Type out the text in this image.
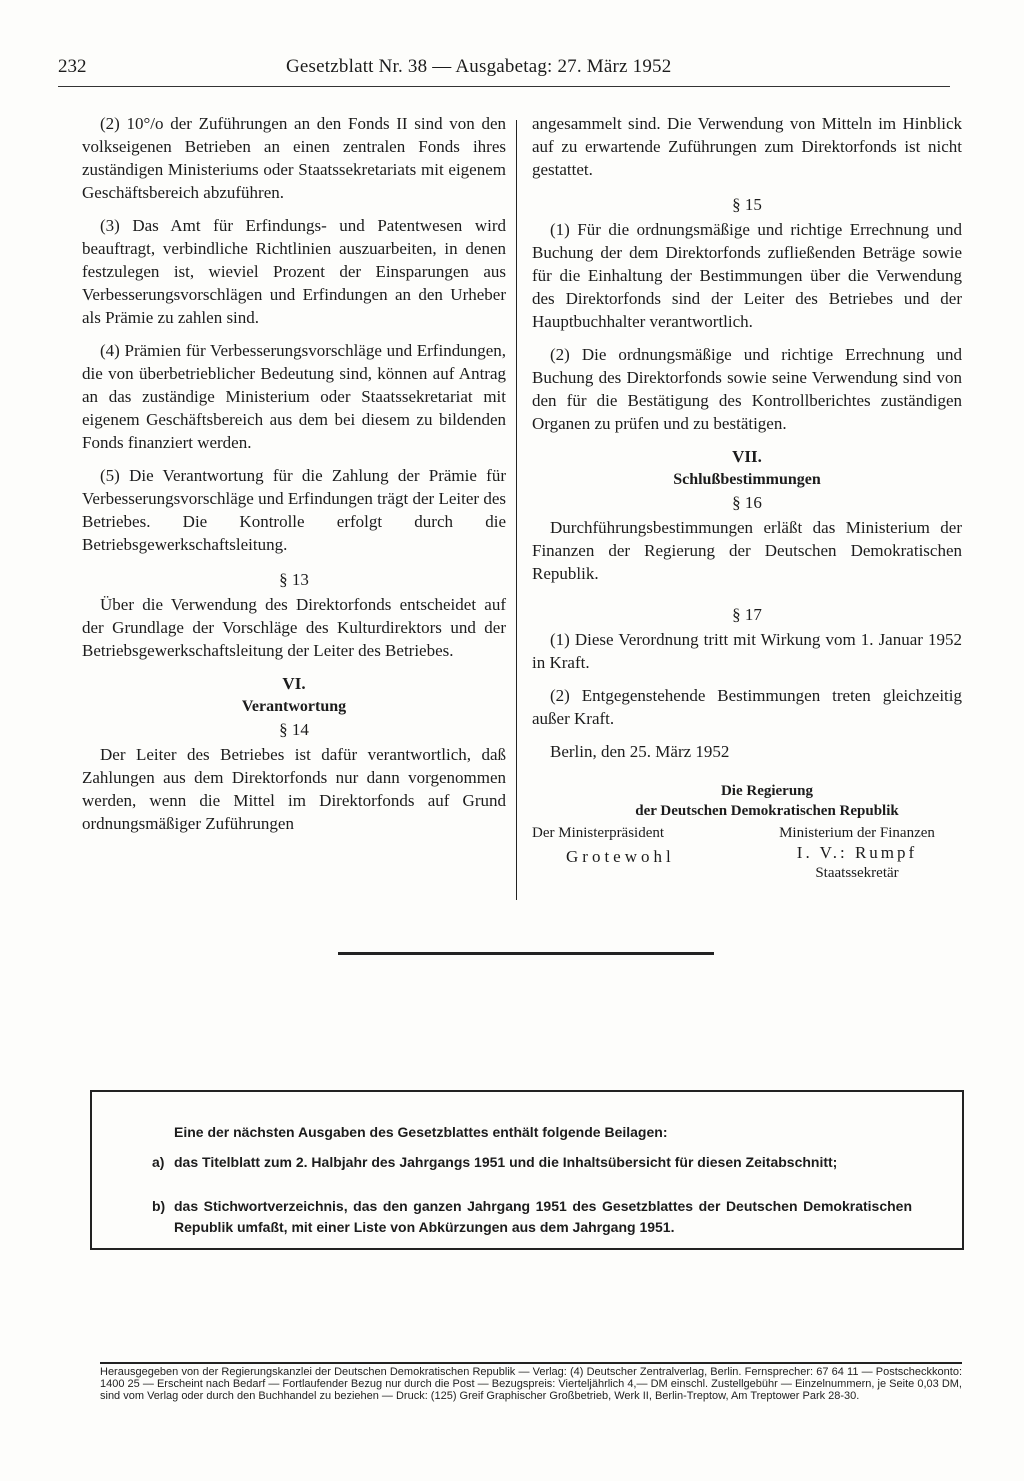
232	Gesetzblatt Nr. 38 — Ausgabetag: 27. März 1952

(2) 10°/o der Zuführungen an den Fonds II sind von den volkseigenen Betrieben an einen zentralen Fonds ihres zuständigen Ministeriums oder Staatssekretariats mit eigenem Geschäftsbereich abzuführen.

(3) Das Amt für Erfindungs- und Patentwesen wird beauftragt, verbindliche Richtlinien auszuarbeiten, in denen festzulegen ist, wieviel Prozent der Einsparungen aus Verbesserungsvorschlägen und Erfindungen an den Urheber als Prämie zu zahlen sind.

(4) Prämien für Verbesserungsvorschläge und Erfindungen, die von überbetrieblicher Bedeutung sind, können auf Antrag an das zuständige Ministerium oder Staatssekretariat mit eigenem Geschäftsbereich aus dem bei diesem zu bildenden Fonds finanziert werden.

(5) Die Verantwortung für die Zahlung der Prämie für Verbesserungsvorschläge und Erfindungen trägt der Leiter des Betriebes. Die Kontrolle erfolgt durch die Betriebsgewerkschaftsleitung.

§ 13

Über die Verwendung des Direktorfonds entscheidet auf der Grundlage der Vorschläge des Kulturdirektors und der Betriebsgewerkschaftsleitung der Leiter des Betriebes.

VI.
Verantwortung
§ 14

Der Leiter des Betriebes ist dafür verantwortlich, daß Zahlungen aus dem Direktorfonds nur dann vorgenommen werden, wenn die Mittel im Direktorfonds auf Grund ordnungsmäßiger Zuführungen

angesammelt sind. Die Verwendung von Mitteln im Hinblick auf zu erwartende Zuführungen zum Direktorfonds ist nicht gestattet.

§ 15

(1) Für die ordnungsmäßige und richtige Errechnung und Buchung der dem Direktorfonds zufließenden Beträge sowie für die Einhaltung der Bestimmungen über die Verwendung des Direktorfonds sind der Leiter des Betriebes und der Hauptbuchhalter verantwortlich.

(2) Die ordnungsmäßige und richtige Errechnung und Buchung des Direktorfonds sowie seine Verwendung sind von den für die Bestätigung des Kontrollberichtes zuständigen Organen zu prüfen und zu bestätigen.

VII.
Schlußbestimmungen
§ 16

Durchführungsbestimmungen erläßt das Ministerium der Finanzen der Regierung der Deutschen Demokratischen Republik.

§ 17

(1) Diese Verordnung tritt mit Wirkung vom 1. Januar 1952 in Kraft.

(2) Entgegenstehende Bestimmungen treten gleichzeitig außer Kraft.

Berlin, den 25. März 1952
Die Regierung
der Deutschen Demokratischen Republik
Der Ministerpräsident
Grotewohl
Ministerium der Finanzen
I. V.: Rumpf
Staatssekretär
Eine der nächsten Ausgaben des Gesetzblattes enthält folgende Beilagen:
a) das Titelblatt zum 2. Halbjahr des Jahrgangs 1951 und die Inhaltsübersicht für diesen Zeitabschnitt;
b) das Stichwortverzeichnis, das den ganzen Jahrgang 1951 des Gesetzblattes der Deutschen Demokratischen Republik umfaßt, mit einer Liste von Abkürzungen aus dem Jahrgang 1951.
Herausgegeben von der Regierungskanzlei der Deutschen Demokratischen Republik — Verlag: (4) Deutscher Zentralverlag, Berlin. Fernsprecher: 67 64 11 — Postscheckkonto: 1400 25 — Erscheint nach Bedarf — Fortlaufender Bezug nur durch die Post — Bezugspreis: Vierteljährlich 4,— DM einschl. Zustellgebühr — Einzelnummern, je Seite 0,03 DM, sind vom Verlag oder durch den Buchhandel zu beziehen — Druck: (125) Greif Graphischer Großbetrieb, Werk II, Berlin-Treptow, Am Treptower Park 28-30.
